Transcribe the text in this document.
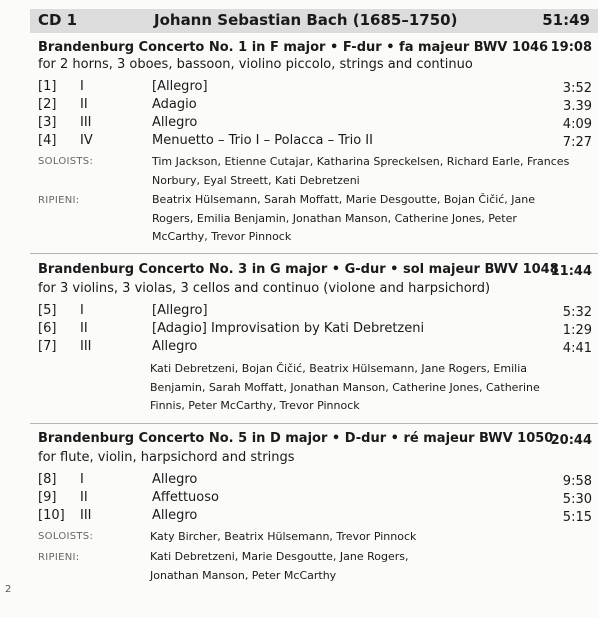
CD 1	Johann Sebastian Bach (1685–1750)	51:49
Brandenburg Concerto No. 1 in F major • F-dur • fa majeur BWV 1046 19:08
for 2 horns, 3 oboes, bassoon, violino piccolo, strings and continuo
[1] I	[Allegro]	3:52
[2] II	Adagio	3.39
[3] III	Allegro	4:09
[4] IV	Menuetto – Trio I – Polacca – Trio II	7:27
SOLOISTS:	Tim Jackson, Etienne Cutajar, Katharina Spreckelsen, Richard Earle, Frances Norbury, Eyal Streett, Kati Debretzeni
RIPIENI:	Beatrix Hülsemann, Sarah Moffatt, Marie Desgoutte, Bojan Čičić, Jane Rogers, Emilia Benjamin, Jonathan Manson, Catherine Jones, Peter McCarthy, Trevor Pinnock
Brandenburg Concerto No. 3 in G major • G-dur • sol majeur BWV 1048
11:44
for 3 violins, 3 violas, 3 cellos and continuo (violone and harpsichord)
[5] I	[Allegro]	5:32
[6] II	[Adagio] Improvisation by Kati Debretzeni	1:29
[7] III	Allegro	4:41
Kati Debretzeni, Bojan Čičić, Beatrix Hülsemann, Jane Rogers, Emilia Benjamin, Sarah Moffatt, Jonathan Manson, Catherine Jones, Catherine Finnis, Peter McCarthy, Trevor Pinnock
Brandenburg Concerto No. 5 in D major • D-dur • ré majeur BWV 1050
20:44
for flute, violin, harpsichord and strings
[8] I	Allegro	9:58
[9] II	Affettuoso	5:30
[10] III	Allegro	5:15
SOLOISTS:	Katy Bircher, Beatrix Hülsemann, Trevor Pinnock
RIPIENI:	Kati Debretzeni, Marie Desgoutte, Jane Rogers, Jonathan Manson, Peter McCarthy
2
